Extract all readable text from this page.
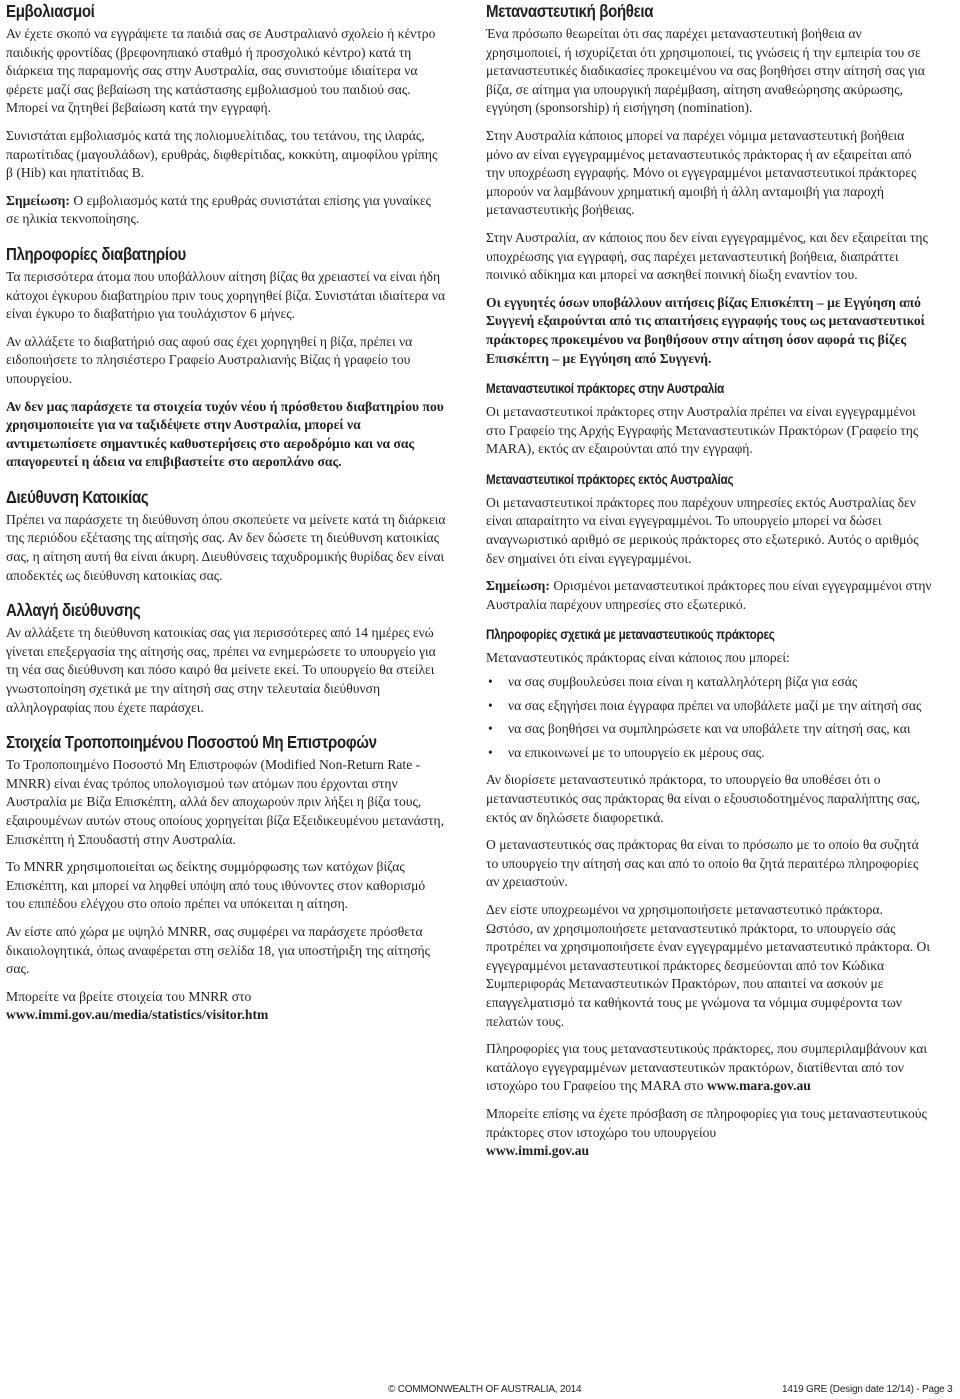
Εμβολιασμοί

Αν έχετε σκοπό να εγγράψετε τα παιδιά σας σε Αυστραλιανό σχολείο ή κέντρο παιδικής φροντίδας (βρεφονηπιακό σταθμό ή προσχολικό κέντρο) κατά τη διάρκεια της παραμονής σας στην Αυστραλία, σας συνιστούμε ιδιαίτερα να φέρετε μαζί σας βεβαίωση της κατάστασης εμβολιασμού του παιδιού σας. Μπορεί να ζητηθεί βεβαίωση κατά την εγγραφή.

Συνιστάται εμβολιασμός κατά της πολιομυελίτιδας, του τετάνου, της ιλαράς, παρωτίτιδας (μαγουλάδων), ερυθράς, διφθερίτιδας, κοκκύτη, αιμοφίλου γρίπης β (Hib) και ηπατίτιδας Β.

Σημείωση: Ο εμβολιασμός κατά της ερυθράς συνιστάται επίσης για γυναίκες σε ηλικία τεκνοποίησης.

Πληροφορίες διαβατηρίου

Τα περισσότερα άτομα που υποβάλλουν αίτηση βίζας θα χρειαστεί να είναι ήδη κάτοχοι έγκυρου διαβατηρίου πριν τους χορηγηθεί βίζα. Συνιστάται ιδιαίτερα να είναι έγκυρο το διαβατήριο για τουλάχιστον 6 μήνες.

Αν αλλάξετε το διαβατήριό σας αφού σας έχει χορηγηθεί η βίζα, πρέπει να ειδοποιήσετε το πλησιέστερο Γραφείο Αυστραλιανής Βίζας ή γραφείο του υπουργείου.

Αν δεν μας παράσχετε τα στοιχεία τυχόν νέου ή πρόσθετου διαβατηρίου που χρησιμοποιείτε για να ταξιδέψετε στην Αυστραλία, μπορεί να αντιμετωπίσετε σημαντικές καθυστερήσεις στο αεροδρόμιο και να σας απαγορευτεί η άδεια να επιβιβαστείτε στο αεροπλάνο σας.

Διεύθυνση Κατοικίας

Πρέπει να παράσχετε τη διεύθυνση όπου σκοπεύετε να μείνετε κατά τη διάρκεια της περιόδου εξέτασης της αίτησής σας. Αν δεν δώσετε τη διεύθυνση κατοικίας σας, η αίτηση αυτή θα είναι άκυρη. Διευθύνσεις ταχυδρομικής θυρίδας δεν είναι αποδεκτές ως διεύθυνση κατοικίας σας.

Αλλαγή διεύθυνσης

Αν αλλάξετε τη διεύθυνση κατοικίας σας για περισσότερες από 14 ημέρες ενώ γίνεται επεξεργασία της αίτησής σας, πρέπει να ενημερώσετε το υπουργείο για τη νέα σας διεύθυνση και πόσο καιρό θα μείνετε εκεί. Το υπουργείο θα στείλει γνωστοποίηση σχετικά με την αίτησή σας στην τελευταία διεύθυνση αλληλογραφίας που έχετε παράσχει.

Στοιχεία Τροποποιημένου Ποσοστού Μη Επιστροφών

Το Τροποποιημένο Ποσοστό Μη Επιστροφών (Modified Non-Return Rate - MNRR) είναι ένας τρόπος υπολογισμού των ατόμων που έρχονται στην Αυστραλία με Βίζα Επισκέπτη, αλλά δεν αποχωρούν πριν λήξει η βίζα τους, εξαιρουμένων αυτών στους οποίους χορηγείται βίζα Εξειδικευμένου μετανάστη, Επισκέπτη ή Σπουδαστή στην Αυστραλία.

Το MNRR χρησιμοποιείται ως δείκτης συμμόρφωσης των κατόχων βίζας Επισκέπτη, και μπορεί να ληφθεί υπόψη από τους ιθύνοντες στον καθορισμό του επιπέδου ελέγχου στο οποίο πρέπει να υπόκειται η αίτηση.

Αν είστε από χώρα με υψηλό MNRR, σας συμφέρει να παράσχετε πρόσθετα δικαιολογητικά, όπως αναφέρεται στη σελίδα 18, για υποστήριξη της αίτησής σας.

Μπορείτε να βρείτε στοιχεία του MNRR στο
www.immi.gov.au/media/statistics/visitor.htm

Μεταναστευτική βοήθεια

Ένα πρόσωπο θεωρείται ότι σας παρέχει μεταναστευτική βοήθεια αν χρησιμοποιεί, ή ισχυρίζεται ότι χρησιμοποιεί, τις γνώσεις ή την εμπειρία του σε μεταναστευτικές διαδικασίες προκειμένου να σας βοηθήσει στην αίτησή σας για βίζα, σε αίτημα για υπουργική παρέμβαση, αίτηση αναθεώρησης ακύρωσης, εγγύηση (sponsorship) ή εισήγηση (nomination).

Στην Αυστραλία κάποιος μπορεί να παρέχει νόμιμα μεταναστευτική βοήθεια μόνο αν είναι εγγεγραμμένος μεταναστευτικός πράκτορας ή αν εξαιρείται από την υποχρέωση εγγραφής. Μόνο οι εγγεγραμμένοι μεταναστευτικοί πράκτορες μπορούν να λαμβάνουν χρηματική αμοιβή ή άλλη ανταμοιβή για παροχή μεταναστευτικής βοήθειας.

Στην Αυστραλία, αν κάποιος που δεν είναι εγγεγραμμένος, και δεν εξαιρείται της υποχρέωσης για εγγραφή, σας παρέχει μεταναστευτική βοήθεια, διαπράττει ποινικό αδίκημα και μπορεί να ασκηθεί ποινική δίωξη εναντίον του.

Οι εγγυητές όσων υποβάλλουν αιτήσεις βίζας Επισκέπτη – με Εγγύηση από Συγγενή εξαιρούνται από τις απαιτήσεις εγγραφής τους ως μεταναστευτικοί πράκτορες προκειμένου να βοηθήσουν στην αίτηση όσον αφορά τις βίζες Επισκέπτη – με Εγγύηση από Συγγενή.

Μεταναστευτικοί πράκτορες στην Αυστραλία

Οι μεταναστευτικοί πράκτορες στην Αυστραλία πρέπει να είναι εγγεγραμμένοι στο Γραφείο της Αρχής Εγγραφής Μεταναστευτικών Πρακτόρων (Γραφείο της MARA), εκτός αν εξαιρούνται από την εγγραφή.

Μεταναστευτικοί πράκτορες εκτός Αυστραλίας

Οι μεταναστευτικοί πράκτορες που παρέχουν υπηρεσίες εκτός Αυστραλίας δεν είναι απαραίτητο να είναι εγγεγραμμένοι. Το υπουργείο μπορεί να δώσει αναγνωριστικό αριθμό σε μερικούς πράκτορες στο εξωτερικό. Αυτός ο αριθμός δεν σημαίνει ότι είναι εγγεγραμμένοι.

Σημείωση: Ορισμένοι μεταναστευτικοί πράκτορες που είναι εγγεγραμμένοι στην Αυστραλία παρέχουν υπηρεσίες στο εξωτερικό.

Πληροφορίες σχετικά με μεταναστευτικούς πράκτορες

Μεταναστευτικός πράκτορας είναι κάποιος που μπορεί:

• να σας συμβουλεύσει ποια είναι η καταλληλότερη βίζα για εσάς
• να σας εξηγήσει ποια έγγραφα πρέπει να υποβάλετε μαζί με την αίτησή σας
• να σας βοηθήσει να συμπληρώσετε και να υποβάλετε την αίτησή σας, και
• να επικοινωνεί με το υπουργείο εκ μέρους σας.

Αν διορίσετε μεταναστευτικό πράκτορα, το υπουργείο θα υποθέσει ότι ο μεταναστευτικός σας πράκτορας θα είναι ο εξουσιοδοτημένος παραλήπτης σας, εκτός αν δηλώσετε διαφορετικά.

Ο μεταναστευτικός σας πράκτορας θα είναι το πρόσωπο με το οποίο θα συζητά το υπουργείο την αίτησή σας και από το οποίο θα ζητά περαιτέρω πληροφορίες αν χρειαστούν.

Δεν είστε υποχρεωμένοι να χρησιμοποιήσετε μεταναστευτικό πράκτορα. Ωστόσο, αν χρησιμοποιήσετε μεταναστευτικό πράκτορα, το υπουργείο σάς προτρέπει να χρησιμοποιήσετε έναν εγγεγραμμένο μεταναστευτικό πράκτορα. Οι εγγεγραμμένοι μεταναστευτικοί πράκτορες δεσμεύονται από τον Κώδικα Συμπεριφοράς Μεταναστευτικών Πρακτόρων, που απαιτεί να ασκούν με επαγγελματισμό τα καθήκοντά τους με γνώμονα τα νόμιμα συμφέροντα των πελατών τους.

Πληροφορίες για τους μεταναστευτικούς πράκτορες, που συμπεριλαμβάνουν και κατάλογο εγγεγραμμένων μεταναστευτικών πρακτόρων, διατίθενται από τον ιστοχώρο του Γραφείου της MARA στο www.mara.gov.au

Μπορείτε επίσης να έχετε πρόσβαση σε πληροφορίες για τους μεταναστευτικούς πράκτορες στον ιστοχώρο του υπουργείου
www.immi.gov.au

© COMMONWEALTH OF AUSTRALIA, 2014	1419 GRE (Design date 12/14) - Page 3
